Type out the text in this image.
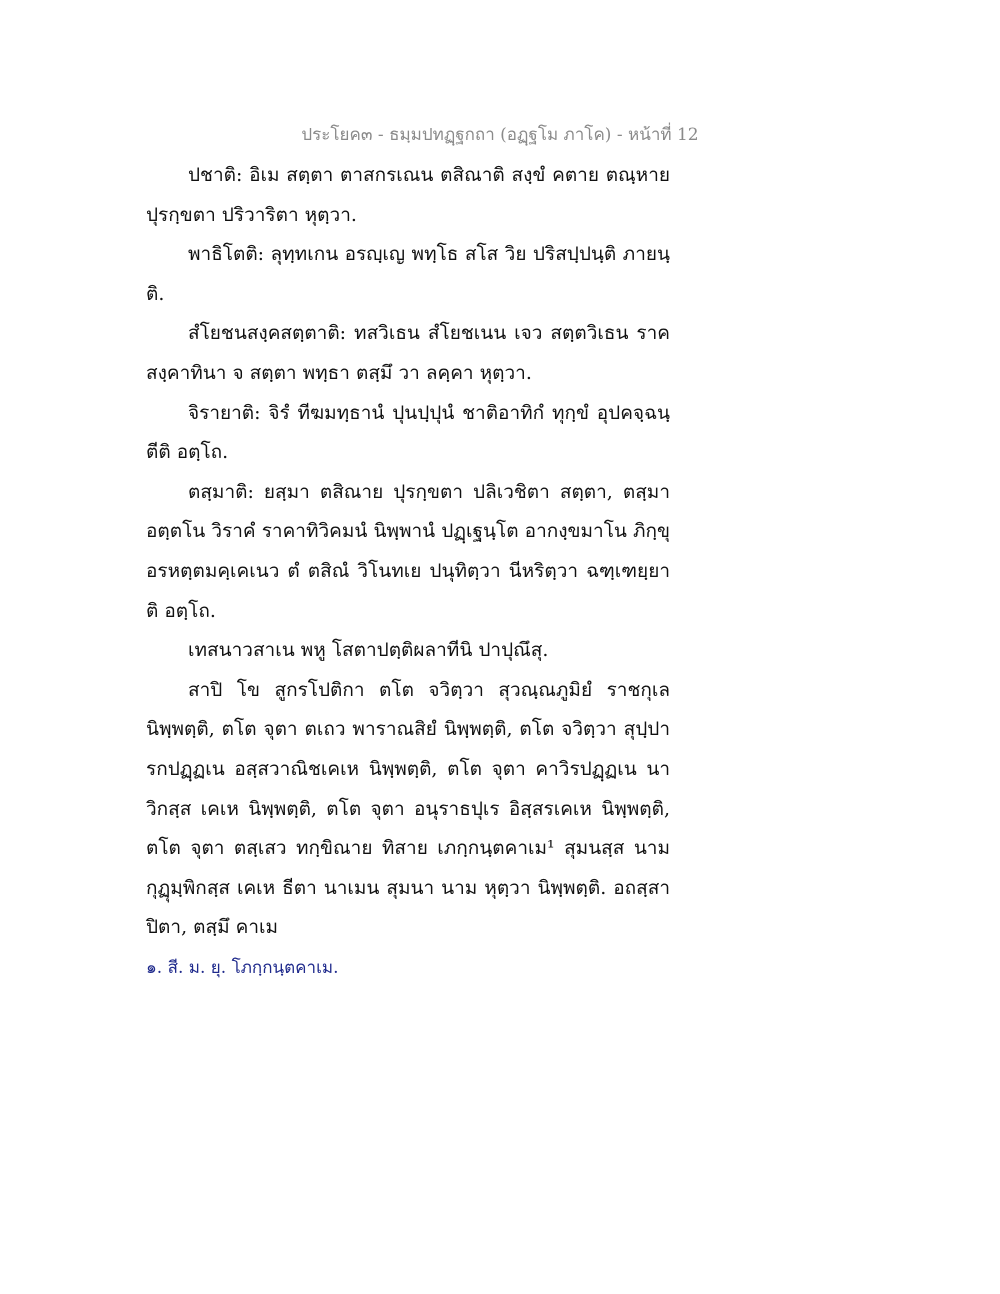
ประโยค๓ - ธมฺมปทฏฺฐกถา (อฏฺฐโม ภาโค) - หน้าที่ 12

ปชาติ: อิเม สตฺตา ตาสกรเณน ตสิณาติ สงฺขํ คตาย ตณฺหาย ปุรกฺขตา ปริวาริตา หุตฺวา.

พาธิโตติ: ลุทฺทเกน อรญฺเญ พทฺโธ สโส วิย ปริสปฺปนฺติ ภายนฺติ.

สํโยชนสงฺคสตฺตาติ: ทสวิเธน สํโยชเนน เจว สตฺตวิเธน ราคสงฺคาทินา จ สตฺตา พทฺธา ตสฺมึ วา ลคฺคา หุตฺวา.

จิรายาติ: จิรํ ทีฆมทฺธานํ ปุนปฺปุนํ ชาติอาทิกํ ทุกฺขํ อุปคจฺฉนฺตีติ อตฺโถ.

ตสฺมาติ: ยสฺมา ตสิณาย ปุรกฺขตา ปลิเวชิตา สตฺตา, ตสฺมา อตฺตโน วิราคํ ราคาทิวิคมนํ นิพฺพานํ ปฏฺเฐนฺโต อากงฺขมาโน ภิกฺขุ อรหตฺตมคฺเคเนว ตํ ตสิณํ วิโนทเย ปนุทิตฺวา นีหริตฺวา ฉฑฺเฑยฺยาติ อตฺโถ.

เทสนาวสาเน พหู โสตาปตฺติผลาทีนิ ปาปุณึสุ.

สาปิ โข สูกรโปติกา ตโต จวิตฺวา สุวณฺณภูมิยํ ราชกุเล นิพฺพตฺติ, ตโต จุตา ตเถว พาราณสิยํ นิพฺพตฺติ, ตโต จวิตฺวา สุปฺปารกปฏฺฏเน อสฺสวาณิชเคเห นิพฺพตฺติ, ตโต จุตา คาวิรปฏฺฏเน นาวิกสฺส เคเห นิพฺพตฺติ, ตโต จุตา อนุราธปุเร อิสฺสรเคเห นิพฺพตฺติ, ตโต จุตา ตสฺเสว ทกฺขิณาย ทิสาย เภกฺกนฺตคาเม¹ สุมนสฺส นาม กุฏุมฺพิกสฺส เคเห ธีตา นาเมน สุมนา นาม หุตฺวา นิพฺพตฺติ. อถสฺสา ปิตา, ตสฺมึ คาเม

๑. สี. ม. ยุ. โภกฺกนฺตคาเม.
